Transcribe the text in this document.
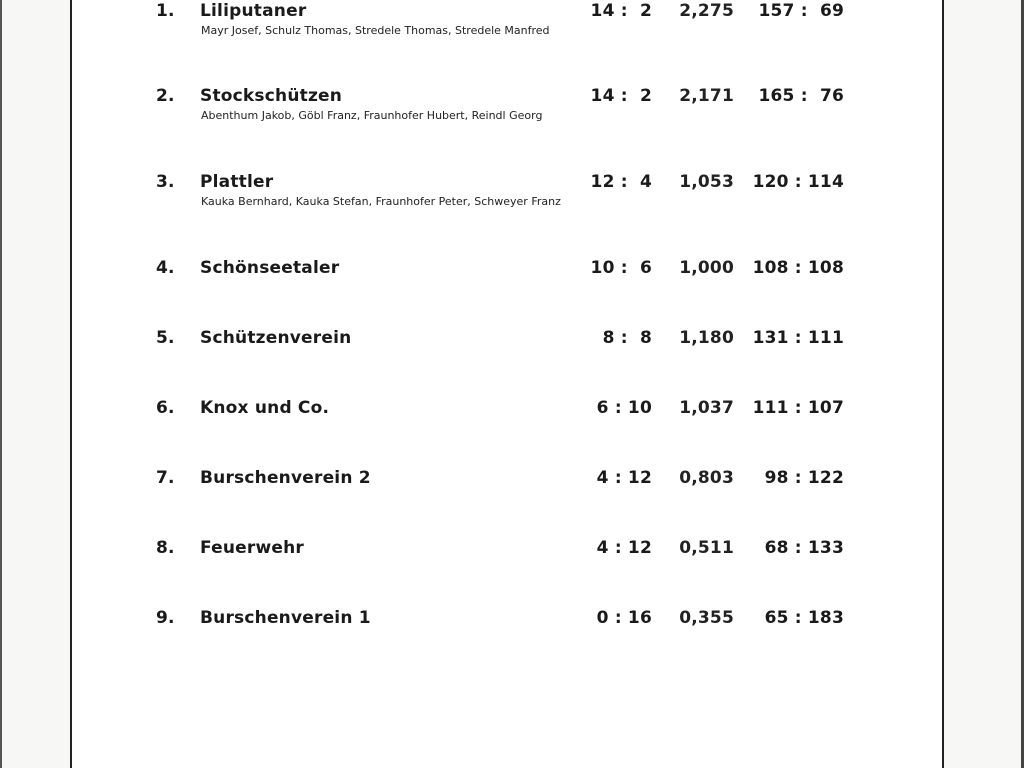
1.	Liliputaner	14 :  2	2,275	157 :  69
Mayr Josef, Schulz Thomas, Stredele Thomas, Stredele Manfred
2.	Stockschützen	14 :  2	2,171	165 :  76
Abenthum Jakob, Göbl Franz, Fraunhofer Hubert, Reindl Georg
3.	Plattler	12 :  4	1,053	120 : 114
Kauka Bernhard, Kauka Stefan, Fraunhofer Peter, Schweyer Franz
4.	Schönseetaler	10 :  6	1,000	108 : 108
5.	Schützenverein	8 :  8	1,180	131 : 111
6.	Knox und Co.	6 : 10	1,037	111 : 107
7.	Burschenverein 2	4 : 12	0,803	98 : 122
8.	Feuerwehr	4 : 12	0,511	68 : 133
9.	Burschenverein 1	0 : 16	0,355	65 : 183
